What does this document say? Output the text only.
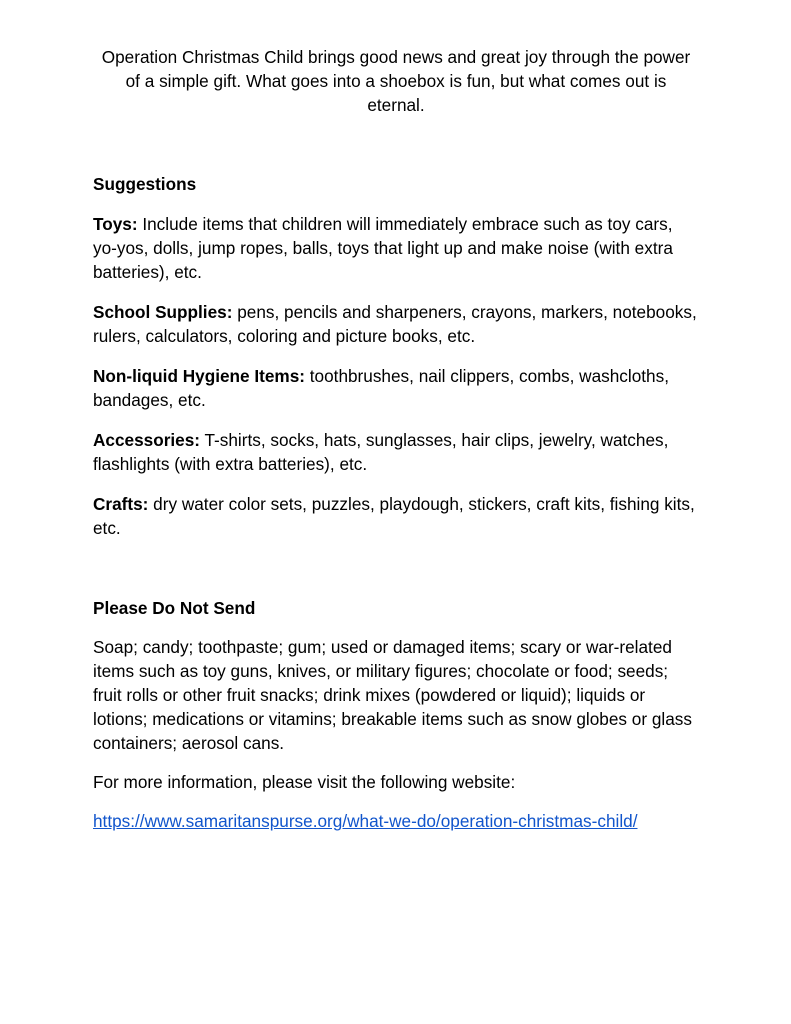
Operation Christmas Child brings good news and great joy through the power of a simple gift. What goes into a shoebox is fun, but what comes out is eternal.

Suggestions

Toys: Include items that children will immediately embrace such as toy cars, yo-yos, dolls, jump ropes, balls, toys that light up and make noise (with extra batteries), etc.

School Supplies: pens, pencils and sharpeners, crayons, markers, notebooks, rulers, calculators, coloring and picture books, etc.

Non-liquid Hygiene Items: toothbrushes, nail clippers, combs, washcloths, bandages, etc.

Accessories: T-shirts, socks, hats, sunglasses, hair clips, jewelry, watches, flashlights (with extra batteries), etc.

Crafts: dry water color sets, puzzles, playdough, stickers, craft kits, fishing kits, etc.

Please Do Not Send

Soap; candy; toothpaste; gum; used or damaged items; scary or war-related items such as toy guns, knives, or military figures; chocolate or food; seeds; fruit rolls or other fruit snacks; drink mixes (powdered or liquid); liquids or lotions; medications or vitamins; breakable items such as snow globes or glass containers; aerosol cans.

For more information, please visit the following website:

https://www.samaritanspurse.org/what-we-do/operation-christmas-child/
